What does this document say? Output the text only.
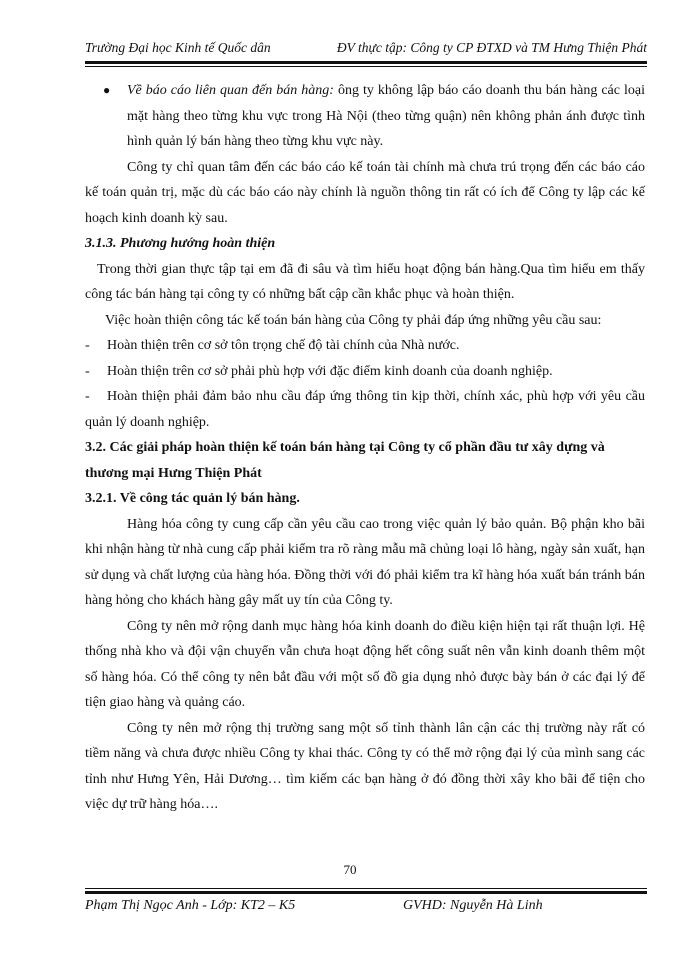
Trường Đại học Kinh tế Quốc dân	ĐV thực tập: Công ty CP ĐTXD và TM Hưng Thiện Phát

● Về báo cáo liên quan đến bán hàng: ông ty không lập báo cáo doanh thu bán hàng các loại mặt hàng theo từng khu vực trong Hà Nội (theo từng quận) nên không phản ánh được tình hình quản lý bán hàng theo từng khu vực này.

Công ty chỉ quan tâm đến các báo cáo kế toán tài chính mà chưa trú trọng đến các báo cáo kế toán quản trị, mặc dù các báo cáo này chính là nguồn thông tin rất có ích để Công ty lập các kế hoạch kinh doanh kỳ sau.

3.1.3. Phương hướng hoàn thiện

Trong thời gian thực tập tại em đã đi sâu và tìm hiểu hoạt động bán hàng.Qua tìm hiểu em thấy công tác bán hàng tại công ty có những bất cập cần khắc phục và hoàn thiện.

Việc hoàn thiện công tác kế toán bán hàng của Công ty phải đáp ứng những yêu cầu sau:

- Hoàn thiện trên cơ sở tôn trọng chế độ tài chính của Nhà nước.

- Hoàn thiện trên cơ sở phải phù hợp với đặc điểm kinh doanh của doanh nghiệp.

- Hoàn thiện phải đảm bảo nhu cầu đáp ứng thông tin kịp thời, chính xác, phù hợp với yêu cầu quản lý doanh nghiệp.

3.2. Các giải pháp hoàn thiện kế toán bán hàng tại Công ty cổ phần đầu tư xây dựng và thương mại Hưng Thiện Phát

3.2.1. Về công tác quản lý bán hàng.

Hàng hóa công ty cung cấp cần yêu cầu cao trong việc quản lý bảo quản. Bộ phận kho bãi khi nhận hàng từ nhà cung cấp phải kiểm tra rõ ràng mẫu mã chủng loại lô hàng, ngày sản xuất, hạn sử dụng và chất lượng của hàng hóa. Đồng thời với đó phải kiểm tra kĩ hàng hóa xuất bán tránh bán hàng hỏng cho khách hàng gây mất uy tín của Công ty.

Công ty nên mở rộng danh mục hàng hóa kinh doanh do điều kiện hiện tại rất thuận lợi. Hệ thống nhà kho và đội vận chuyển vẫn chưa hoạt động hết công suất nên vẫn kinh doanh thêm một số hàng hóa. Có thể công ty nên bắt đầu với một số đồ gia dụng nhỏ được bày bán ở các đại lý để tiện giao hàng và quảng cáo.

Công ty nên mở rộng thị trường sang một số tỉnh thành lân cận các thị trường này rất có tiềm năng và chưa được nhiều Công ty khai thác. Công ty có thể mở rộng đại lý của mình sang các tỉnh như Hưng Yên, Hải Dương… tìm kiếm các bạn hàng ở đó đồng thời xây kho bãi để tiện cho việc dự trữ hàng hóa….

70
Phạm Thị Ngọc Anh - Lớp: KT2 – K5	GVHD: Nguyễn Hà Linh
